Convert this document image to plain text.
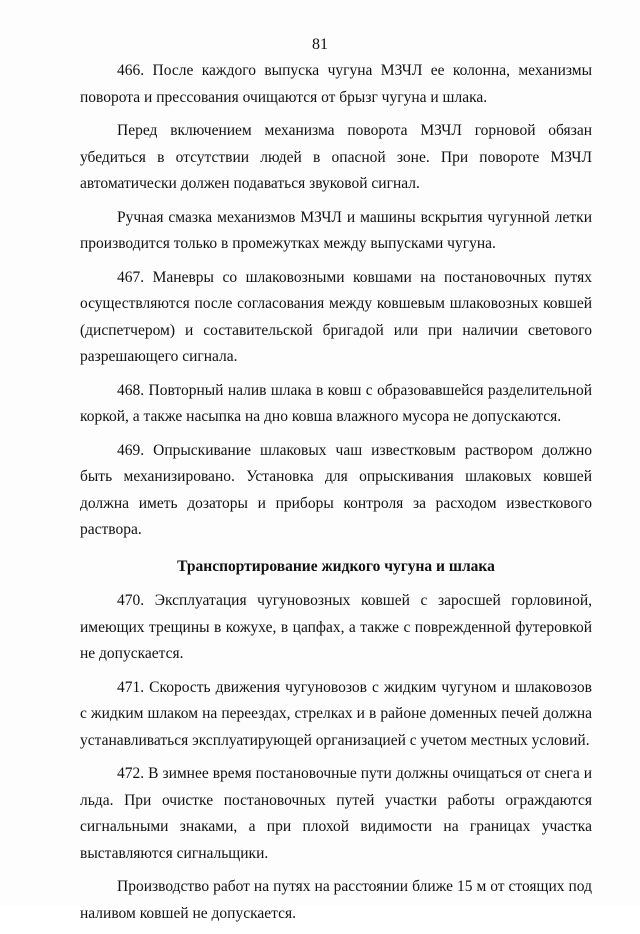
81

466. После каждого выпуска чугуна МЗЧЛ ее колонна, механизмы поворота и прессования очищаются от брызг чугуна и шлака.

Перед включением механизма поворота МЗЧЛ горновой обязан убедиться в отсутствии людей в опасной зоне. При повороте МЗЧЛ автоматически должен подаваться звуковой сигнал.

Ручная смазка механизмов МЗЧЛ и машины вскрытия чугунной летки производится только в промежутках между выпусками чугуна.

467. Маневры со шлаковозными ковшами на постановочных путях осуществляются после согласования между ковшевым шлаковозных ковшей (диспетчером) и составительской бригадой или при наличии светового разрешающего сигнала.

468. Повторный налив шлака в ковш с образовавшейся разделительной коркой, а также насыпка на дно ковша влажного мусора не допускаются.

469. Опрыскивание шлаковых чаш известковым раствором должно быть механизировано. Установка для опрыскивания шлаковых ковшей должна иметь дозаторы и приборы контроля за расходом известкового раствора.

Транспортирование жидкого чугуна и шлака

470. Эксплуатация чугуновозных ковшей с заросшей горловиной, имеющих трещины в кожухе, в цапфах, а также с поврежденной футеровкой не допускается.

471. Скорость движения чугуновозов с жидким чугуном и шлаковозов с жидким шлаком на переездах, стрелках и в районе доменных печей должна устанавливаться эксплуатирующей организацией с учетом местных условий.

472. В зимнее время постановочные пути должны очищаться от снега и льда. При очистке постановочных путей участки работы ограждаются сигнальными знаками, а при плохой видимости на границах участка выставляются сигнальщики.

Производство работ на путях на расстоянии ближе 15 м от стоящих под наливом ковшей не допускается.
